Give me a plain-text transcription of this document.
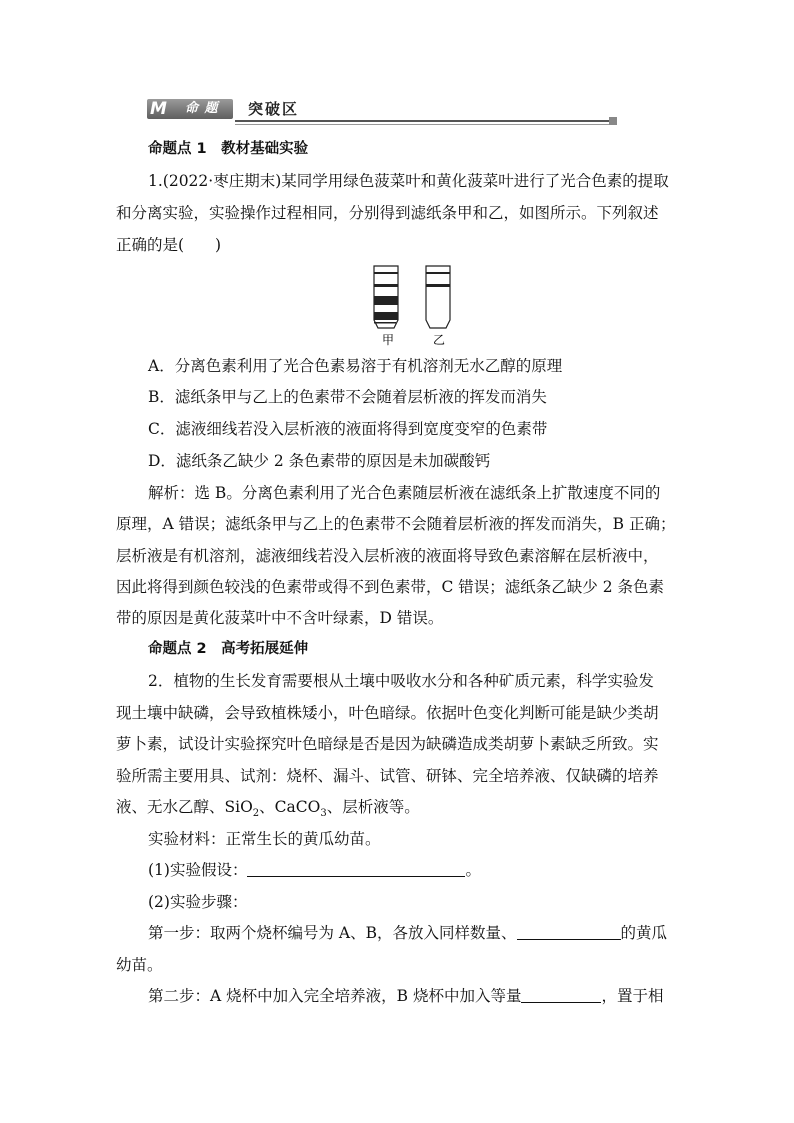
M 命 题 突破区
命题点 1　教材基础实验
1.(2022·枣庄期末)某同学用绿色菠菜叶和黄化菠菜叶进行了光合色素的提取
和分离实验，实验操作过程相同，分别得到滤纸条甲和乙，如图所示。下列叙述
正确的是(　　)
甲	乙
A．分离色素利用了光合色素易溶于有机溶剂无水乙醇的原理
B．滤纸条甲与乙上的色素带不会随着层析液的挥发而消失
C．滤液细线若没入层析液的液面将得到宽度变窄的色素带
D．滤纸条乙缺少 2 条色素带的原因是未加碳酸钙
解析：选 B。分离色素利用了光合色素随层析液在滤纸条上扩散速度不同的
原理，A 错误；滤纸条甲与乙上的色素带不会随着层析液的挥发而消失，B 正确；
层析液是有机溶剂，滤液细线若没入层析液的液面将导致色素溶解在层析液中，
因此将得到颜色较浅的色素带或得不到色素带，C 错误；滤纸条乙缺少 2 条色素
带的原因是黄化菠菜叶中不含叶绿素，D 错误。
命题点 2　高考拓展延伸
2．植物的生长发育需要根从土壤中吸收水分和各种矿质元素，科学实验发
现土壤中缺磷，会导致植株矮小，叶色暗绿。依据叶色变化判断可能是缺少类胡
萝卜素，试设计实验探究叶色暗绿是否是因为缺磷造成类胡萝卜素缺乏所致。实
验所需主要用具、试剂：烧杯、漏斗、试管、研钵、完全培养液、仅缺磷的培养
液、无水乙醇、SiO$_2$、CaCO$_3$、层析液等。
实验材料：正常生长的黄瓜幼苗。
(1)实验假设：	。
(2)实验步骤：
第一步：取两个烧杯编号为 A、B，各放入同样数量、	的黄瓜
幼苗。
第二步：A 烧杯中加入完全培养液，B 烧杯中加入等量	，置于相
